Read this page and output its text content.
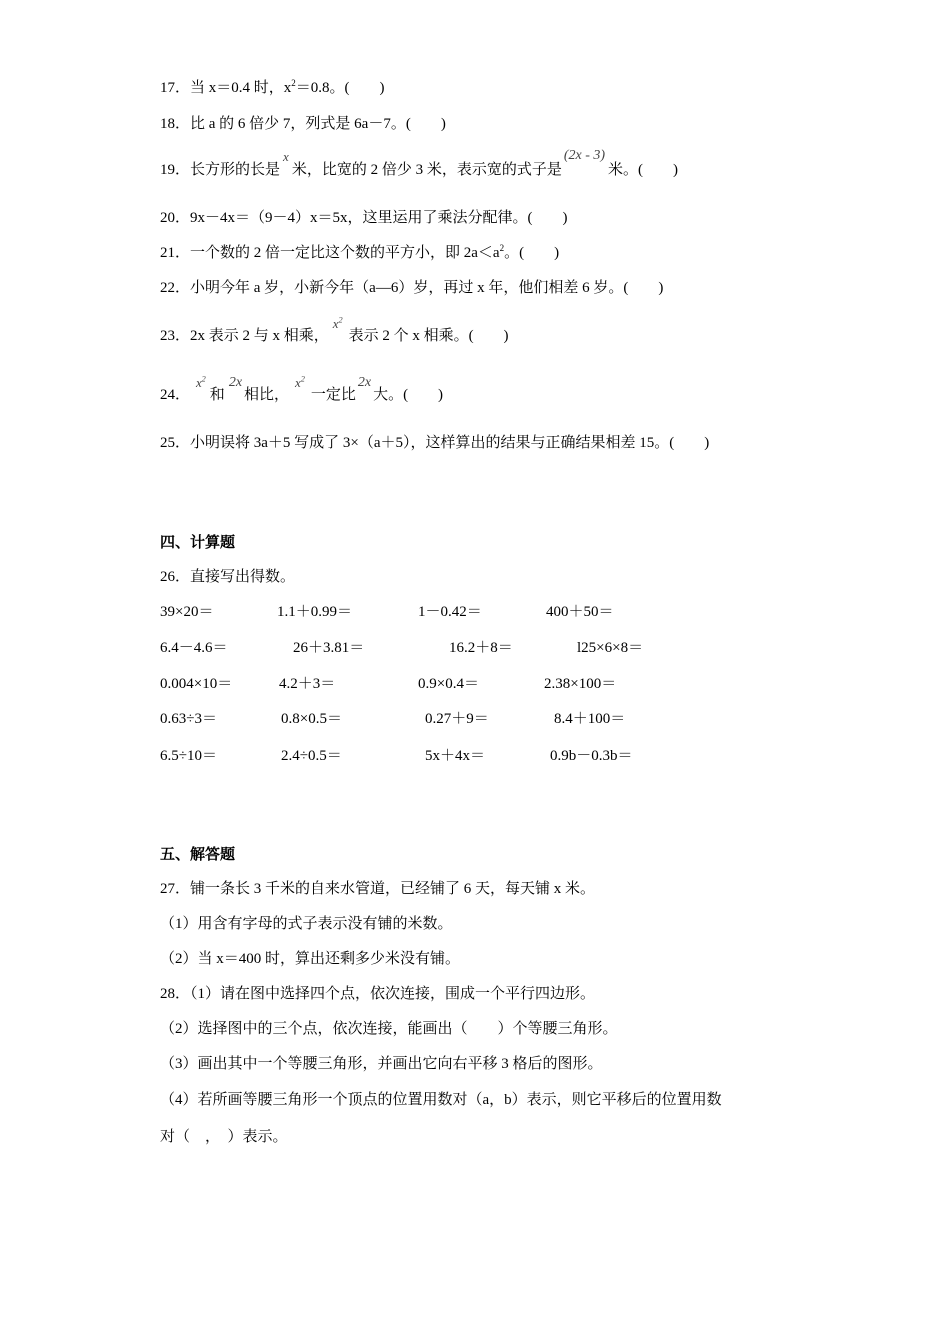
17．当 x＝0.4 时，$x^2=0.8$。(　　)
18．比 a 的 6 倍少 7，列式是 6a－7。(　　)
19．长方形的长是x米，比宽的 2 倍少 3 米，表示宽的式子是(2x - 3)米。(　　)
20．9x－4x＝（9－4）x＝5x，这里运用了乘法分配律。(　　)
21．一个数的 2 倍一定比这个数的平方小，即 $2a<a^2$。(　　)
22．小明今年 a 岁，小新今年（a—6）岁，再过 x 年，他们相差 6 岁。(　　)
23．2x 表示 2 与 x 相乘，$x^2$表示 2 个 x 相乘。(　　)
24．$x^2$和2x相比，$x^2$一定比2x大。(　　)
25．小明误将 3a＋5 写成了 3×（a＋5），这样算出的结果与正确结果相差 15。(　　)
四、计算题
26．直接写出得数。
39×20＝	1.1＋0.99＝	1－0.42＝	400＋50＝
6.4－4.6＝	26＋3.81＝	16.2＋8＝	l25×6×8＝
0.004×10＝	4.2＋3＝	0.9×0.4＝	2.38×100＝
0.63÷3＝	0.8×0.5＝	0.27＋9＝	8.4＋100＝
6.5÷10＝	2.4÷0.5＝	5x＋4x＝	0.9b－0.3b＝
五、解答题
27．铺一条长 3 千米的自来水管道，已经铺了 6 天，每天铺 x 米。
（1）用含有字母的式子表示没有铺的米数。
（2）当 x＝400 时，算出还剩多少米没有铺。
28．（1）请在图中选择四个点，依次连接，围成一个平行四边形。
（2）选择图中的三个点，依次连接，能画出（　　）个等腰三角形。
（3）画出其中一个等腰三角形，并画出它向右平移 3 格后的图形。
（4）若所画等腰三角形一个顶点的位置用数对（a，b）表示，则它平移后的位置用数
对（　，　）表示。
